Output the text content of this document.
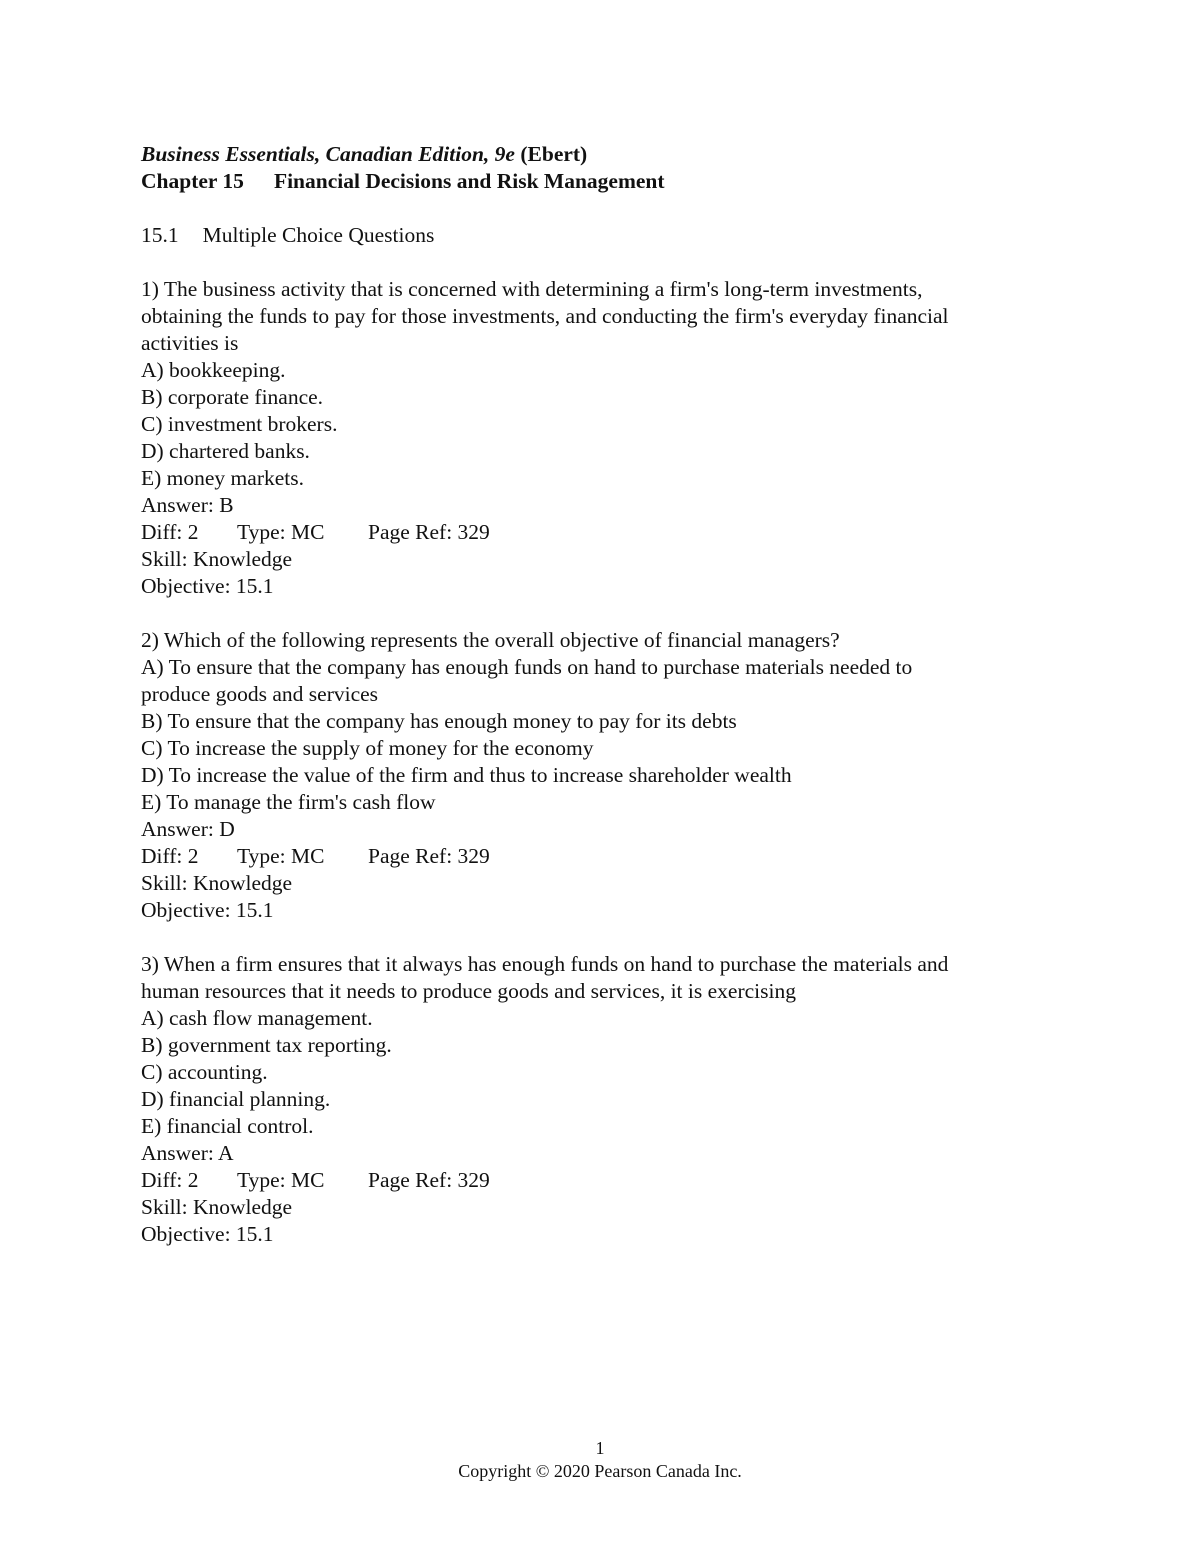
Business Essentials, Canadian Edition, 9e (Ebert)

Chapter 15 Financial Decisions and Risk Management

15.1 Multiple Choice Questions

1) The business activity that is concerned with determining a firm's long-term investments,
obtaining the funds to pay for those investments, and conducting the firm's everyday financial
activities is
A) bookkeeping.
B) corporate finance.
C) investment brokers.
D) chartered banks.
E) money markets.
Answer: B
Diff: 2 Type: MC Page Ref: 329
Skill: Knowledge
Objective: 15.1
2) Which of the following represents the overall objective of financial managers?
A) To ensure that the company has enough funds on hand to purchase materials needed to
produce goods and services
B) To ensure that the company has enough money to pay for its debts
C) To increase the supply of money for the economy
D) To increase the value of the firm and thus to increase shareholder wealth
E) To manage the firm's cash flow
Answer: D
Diff: 2 Type: MC Page Ref: 329
Skill: Knowledge
Objective: 15.1
3) When a firm ensures that it always has enough funds on hand to purchase the materials and
human resources that it needs to produce goods and services, it is exercising
A) cash flow management.
B) government tax reporting.
C) accounting.
D) financial planning.
E) financial control.
Answer: A
Diff: 2 Type: MC Page Ref: 329
Skill: Knowledge
Objective: 15.1
1
Copyright © 2020 Pearson Canada Inc.
